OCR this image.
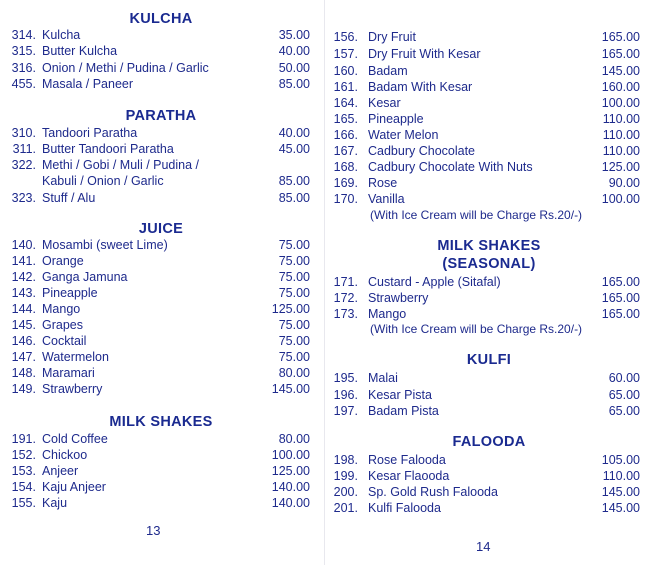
KULCHA
314. Kulcha	35.00
315. Butter Kulcha	40.00
316. Onion / Methi / Pudina / Garlic	50.00
455. Masala / Paneer	85.00
PARATHA
310. Tandoori Paratha	40.00
311. Butter Tandoori Paratha	45.00
322. Methi / Gobi / Muli / Pudina /
Kabuli / Onion / Garlic	85.00
323. Stuff / Alu	85.00
JUICE
140. Mosambi (sweet Lime)	75.00
141. Orange	75.00
142. Ganga Jamuna	75.00
143. Pineapple	75.00
144. Mango	125.00
145. Grapes	75.00
146. Cocktail	75.00
147. Watermelon	75.00
148. Maramari	80.00
149. Strawberry	145.00
MILK SHAKES
191. Cold Coffee	80.00
152. Chickoo	100.00
153. Anjeer	125.00
154. Kaju Anjeer	140.00
155. Kaju	140.00
13
156. Dry Fruit	165.00
157. Dry Fruit With Kesar	165.00
160. Badam	145.00
161. Badam With Kesar	160.00
164. Kesar	100.00
165. Pineapple	110.00
166. Water Melon	110.00
167. Cadbury Chocolate	110.00
168. Cadbury Chocolate With Nuts	125.00
169. Rose	90.00
170. Vanilla	100.00
(With Ice Cream will be Charge Rs.20/-)
MILK SHAKES
(SEASONAL)
171. Custard - Apple (Sitafal)	165.00
172. Strawberry	165.00
173. Mango	165.00
(With Ice Cream will be Charge Rs.20/-)
KULFI
195. Malai	60.00
196. Kesar Pista	65.00
197. Badam Pista	65.00
FALOODA
198. Rose Falooda	105.00
199. Kesar Flaooda	110.00
200. Sp. Gold Rush Falooda	145.00
201. Kulfi Falooda	145.00
14
